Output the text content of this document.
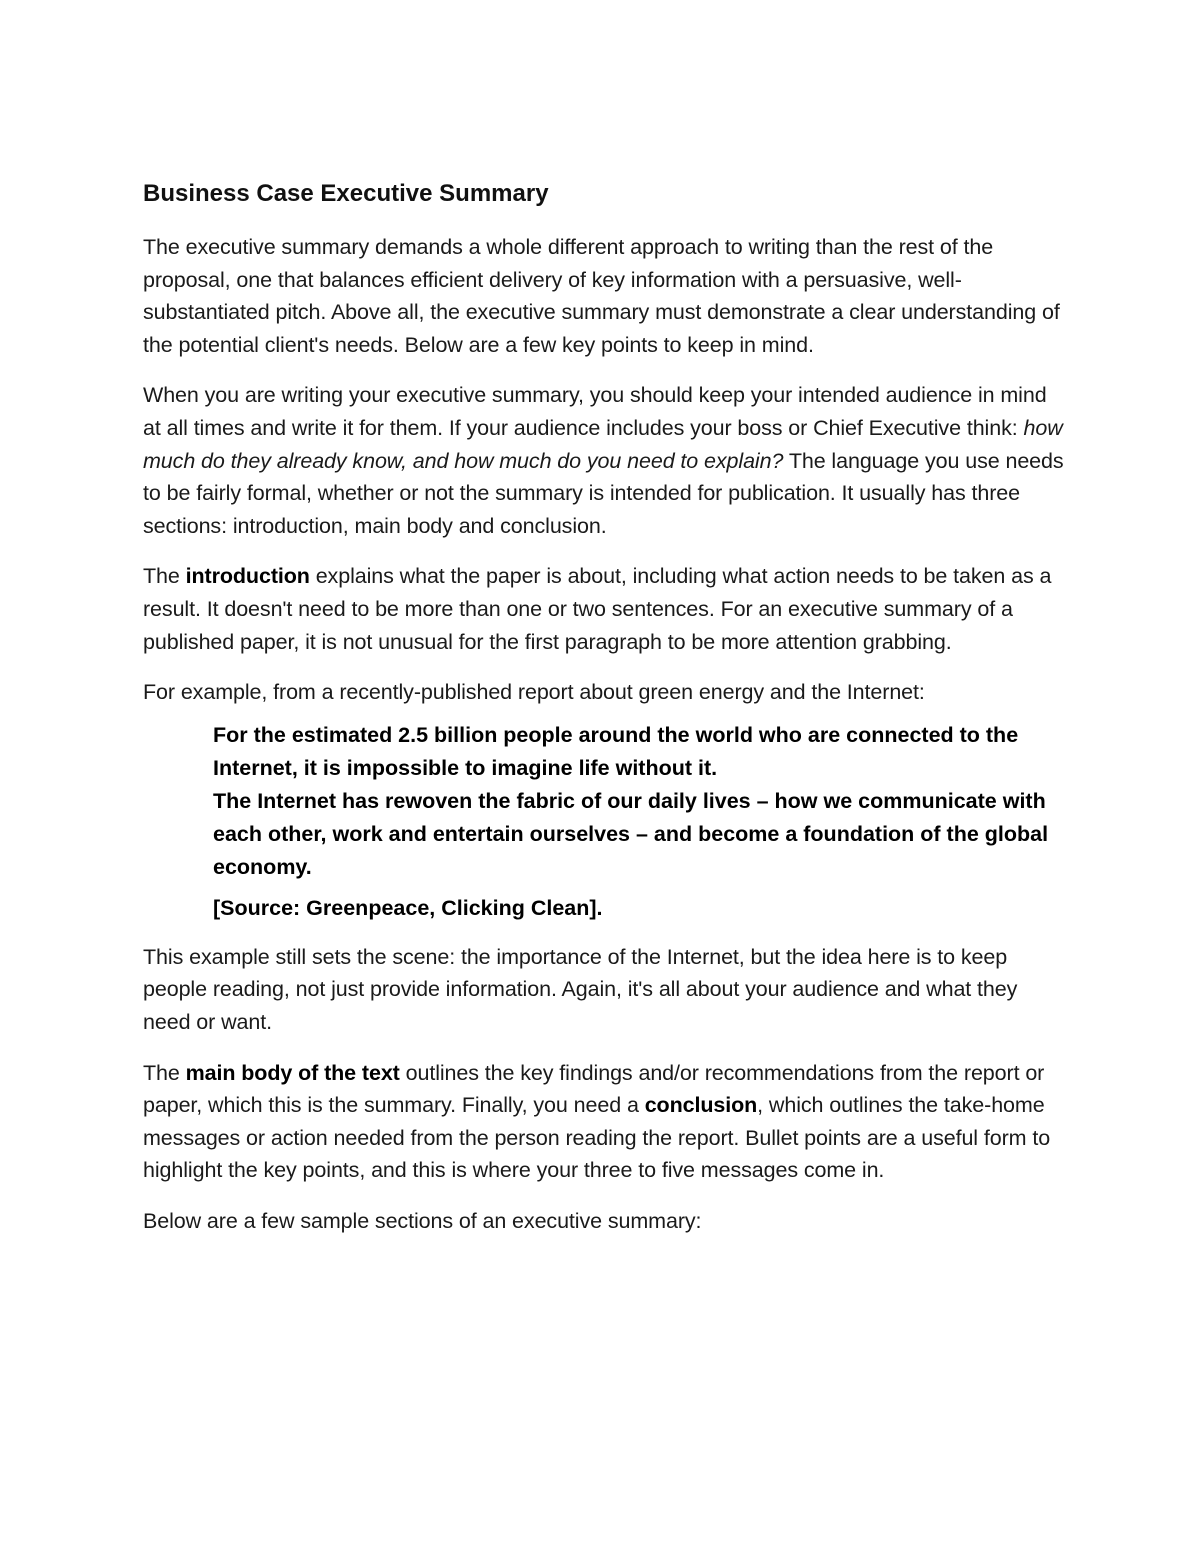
Business Case Executive Summary

The executive summary demands a whole different approach to writing than the rest of the proposal, one that balances efficient delivery of key information with a persuasive, well-substantiated pitch. Above all, the executive summary must demonstrate a clear understanding of the potential client's needs. Below are a few key points to keep in mind.

When you are writing your executive summary, you should keep your intended audience in mind at all times and write it for them. If your audience includes your boss or Chief Executive think: how much do they already know, and how much do you need to explain? The language you use needs to be fairly formal, whether or not the summary is intended for publication. It usually has three sections: introduction, main body and conclusion.

The introduction explains what the paper is about, including what action needs to be taken as a result. It doesn't need to be more than one or two sentences. For an executive summary of a published paper, it is not unusual for the first paragraph to be more attention grabbing.

For example, from a recently-published report about green energy and the Internet:

For the estimated 2.5 billion people around the world who are connected to the Internet, it is impossible to imagine life without it.

The Internet has rewoven the fabric of our daily lives – how we communicate with each other, work and entertain ourselves – and become a foundation of the global economy.

[Source: Greenpeace, Clicking Clean].

This example still sets the scene: the importance of the Internet, but the idea here is to keep people reading, not just provide information. Again, it's all about your audience and what they need or want.

The main body of the text outlines the key findings and/or recommendations from the report or paper, which this is the summary. Finally, you need a conclusion, which outlines the take-home messages or action needed from the person reading the report. Bullet points are a useful form to highlight the key points, and this is where your three to five messages come in.

Below are a few sample sections of an executive summary:
